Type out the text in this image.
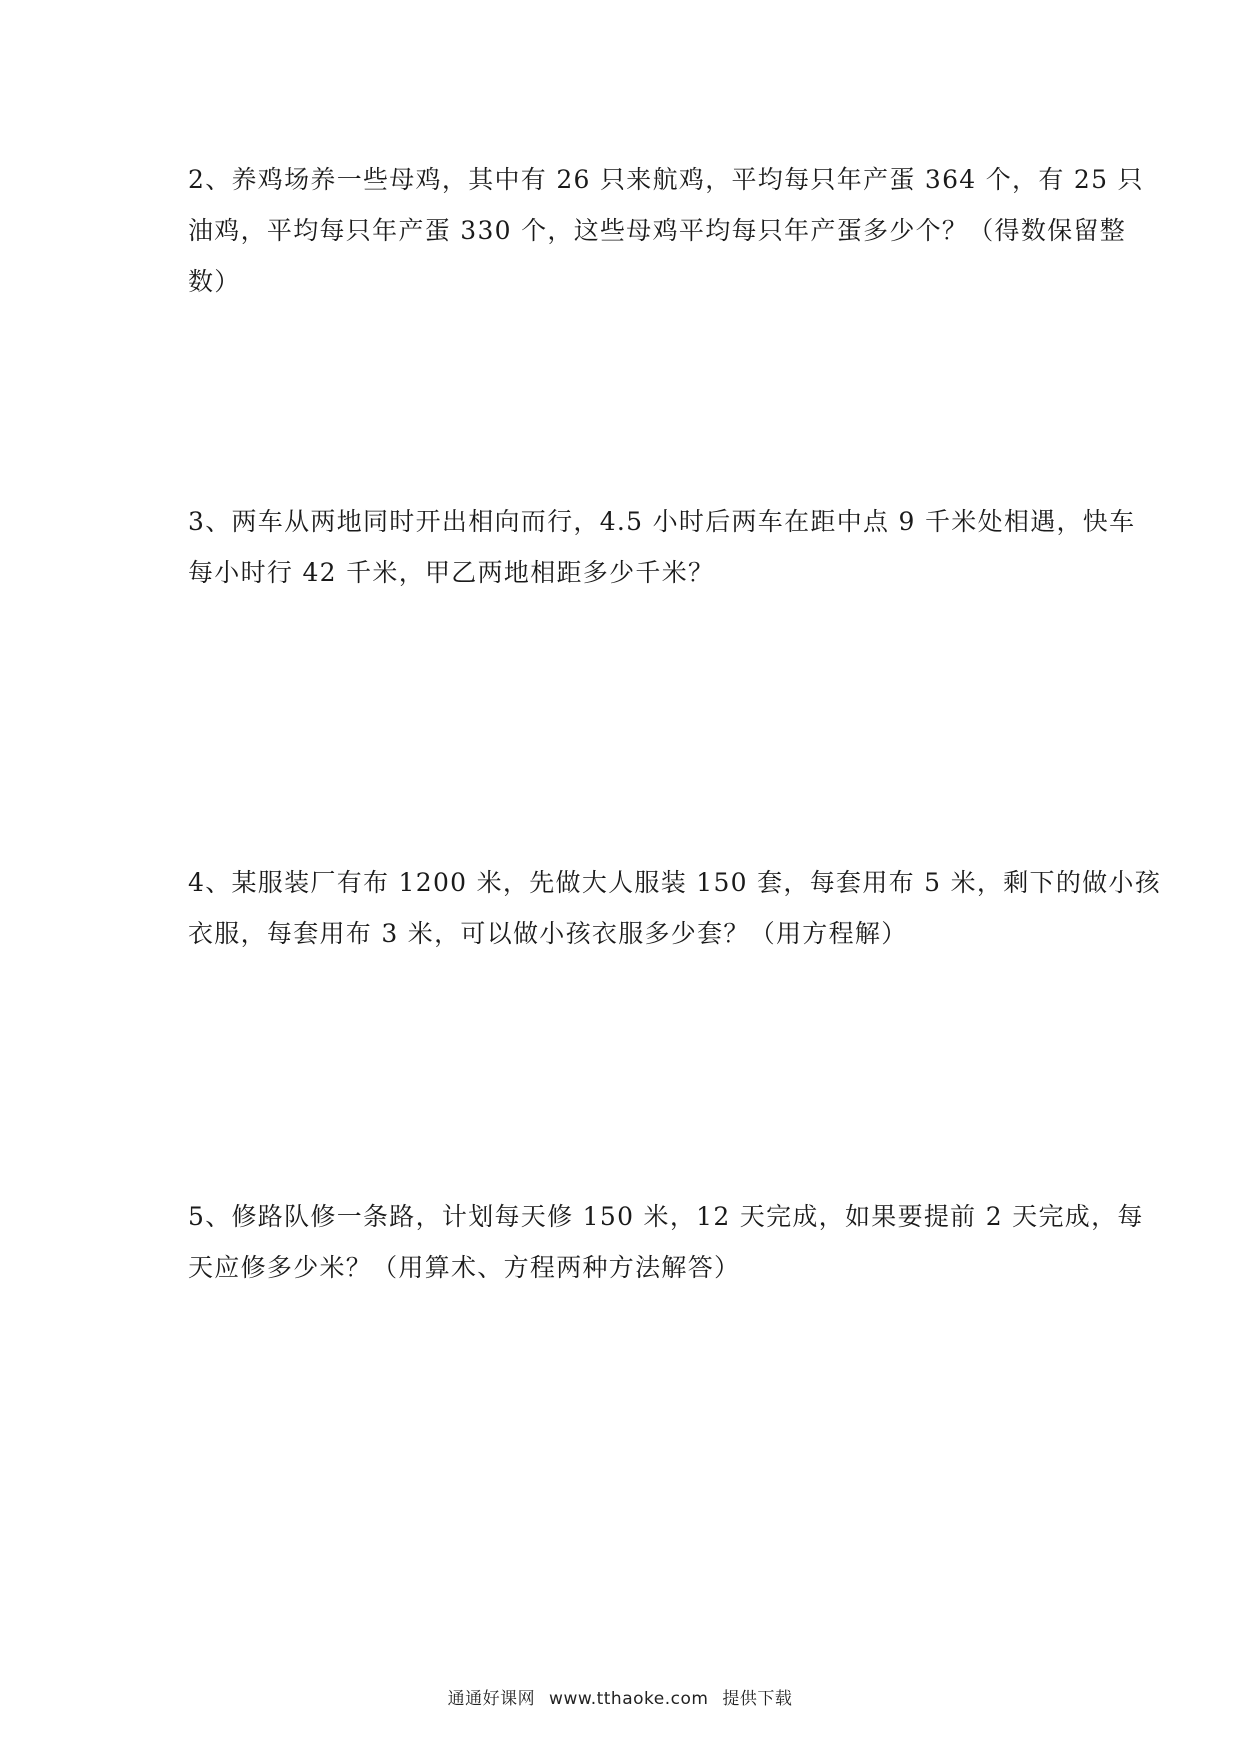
2、养鸡场养一些母鸡，其中有 26 只来航鸡，平均每只年产蛋 364 个，有 25 只
油鸡，平均每只年产蛋 330 个，这些母鸡平均每只年产蛋多少个？（得数保留整
数）
3、两车从两地同时开出相向而行，4.5 小时后两车在距中点 9 千米处相遇，快车
每小时行 42 千米，甲乙两地相距多少千米？
4、某服装厂有布 1200 米，先做大人服装 150 套，每套用布 5 米，剩下的做小孩
衣服，每套用布 3 米，可以做小孩衣服多少套？（用方程解）
5、修路队修一条路，计划每天修 150 米，12 天完成，如果要提前 2 天完成，每
天应修多少米？（用算术、方程两种方法解答）
通通好课网 www.tthaoke.com 提供下载
